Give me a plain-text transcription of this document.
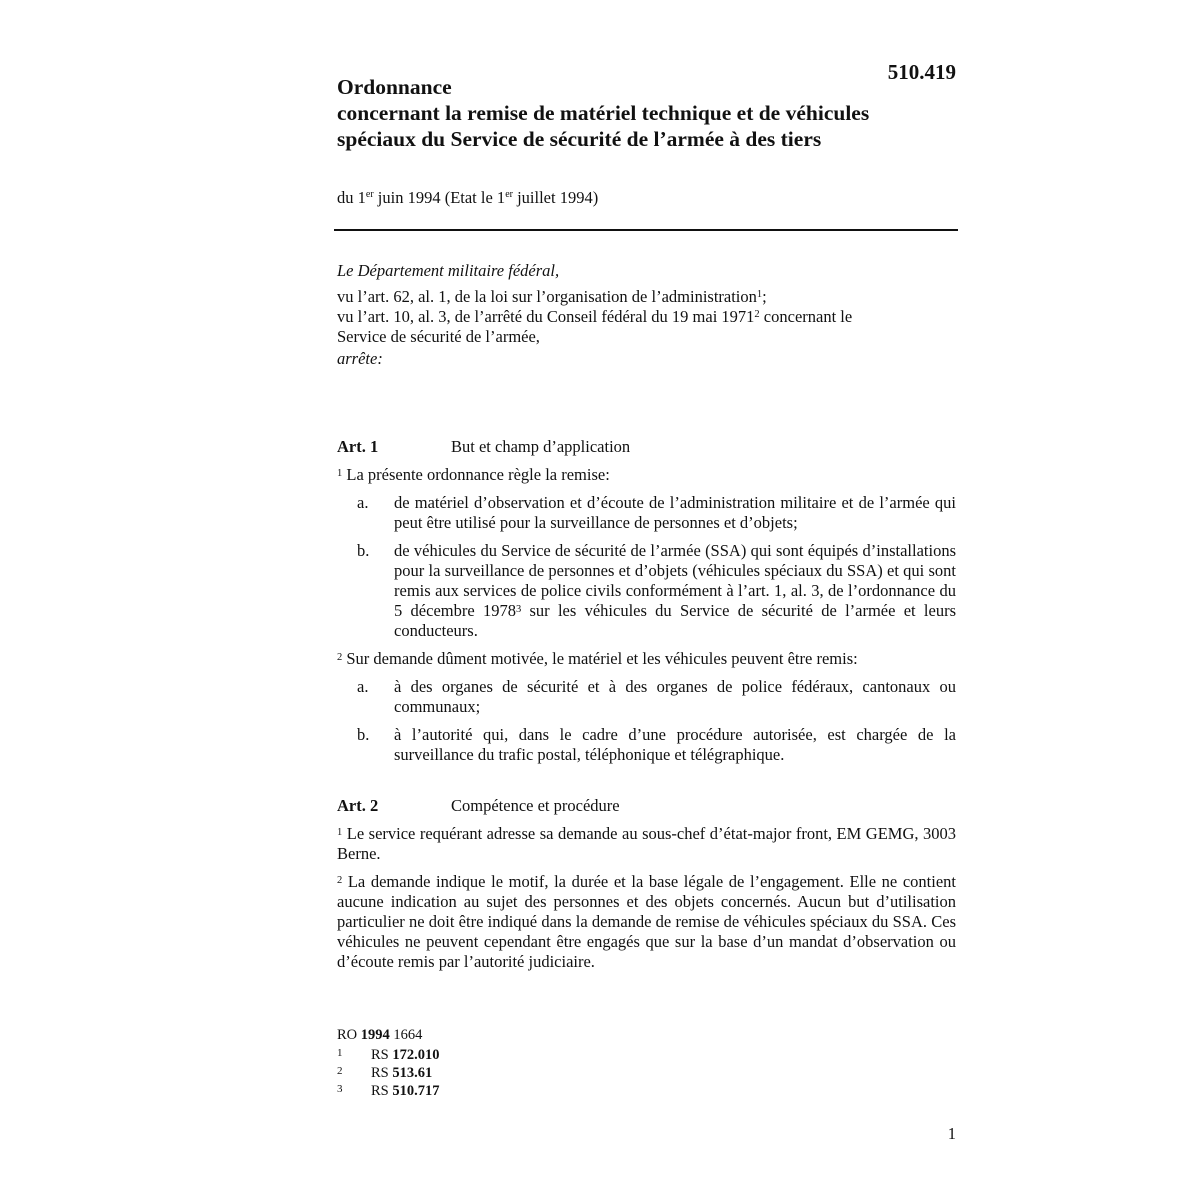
510.419
Ordonnance
concernant la remise de matériel technique et de véhicules
spéciaux du Service de sécurité de l’armée à des tiers
du 1er juin 1994 (Etat le 1er juillet 1994)

Le Département militaire fédéral,

vu l’art. 62, al. 1, de la loi sur l’organisation de l’administration$^1$;
vu l’art. 10, al. 3, de l’arrêté du Conseil fédéral du 19 mai 1971$^2$ concernant le
Service de sécurité de l’armée,

arrête:

Art. 1	But et champ d’application

$^1$ La présente ordonnance règle la remise:

a. de matériel d’observation et d’écoute de l’administration militaire et de l’armée qui peut être utilisé pour la surveillance de personnes et d’objets;
b. de véhicules du Service de sécurité de l’armée (SSA) qui sont équipés d’installations pour la surveillance de personnes et d’objets (véhicules spéciaux du SSA) et qui sont remis aux services de police civils conformément à l’art. 1, al. 3, de l’ordonnance du 5 décembre 1978$^3$ sur les véhicules du Service de sécurité de l’armée et leurs conducteurs.

$^2$ Sur demande dûment motivée, le matériel et les véhicules peuvent être remis:

a. à des organes de sécurité et à des organes de police fédéraux, cantonaux ou communaux;
b. à l’autorité qui, dans le cadre d’une procédure autorisée, est chargée de la surveillance du trafic postal, téléphonique et télégraphique.
Art. 2	Compétence et procédure

$^1$ Le service requérant adresse sa demande au sous-chef d’état-major front, EM GEMG, 3003 Berne.

$^2$ La demande indique le motif, la durée et la base légale de l’engagement. Elle ne contient aucune indication au sujet des personnes et des objets concernés. Aucun but d’utilisation particulier ne doit être indiqué dans la demande de remise de véhicules spéciaux du SSA. Ces véhicules ne peuvent cependant être engagés que sur la base d’un mandat d’observation ou d’écoute remis par l’autorité judiciaire.

RO 1994 1664
1 RS 172.010
2 RS 513.61
3 RS 510.717
1
